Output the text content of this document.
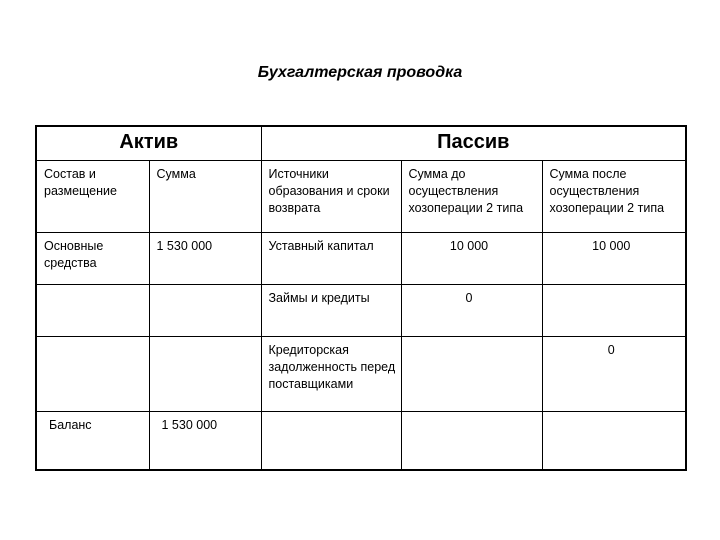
Бухгалтерская проводка
Актив		Пассив		
Состав и размещение	Сумма	Источники образования и сроки возврата	Сумма до осуществления хозоперации 2 типа	Сумма после осуществления хозоперации 2 типа
Основные средства	1 530 000	Уставный капитал	10 000	10 000
		Займы и кредиты	0	
		Кредиторская задолженность перед поставщиками		0
Баланс	1 530 000			
